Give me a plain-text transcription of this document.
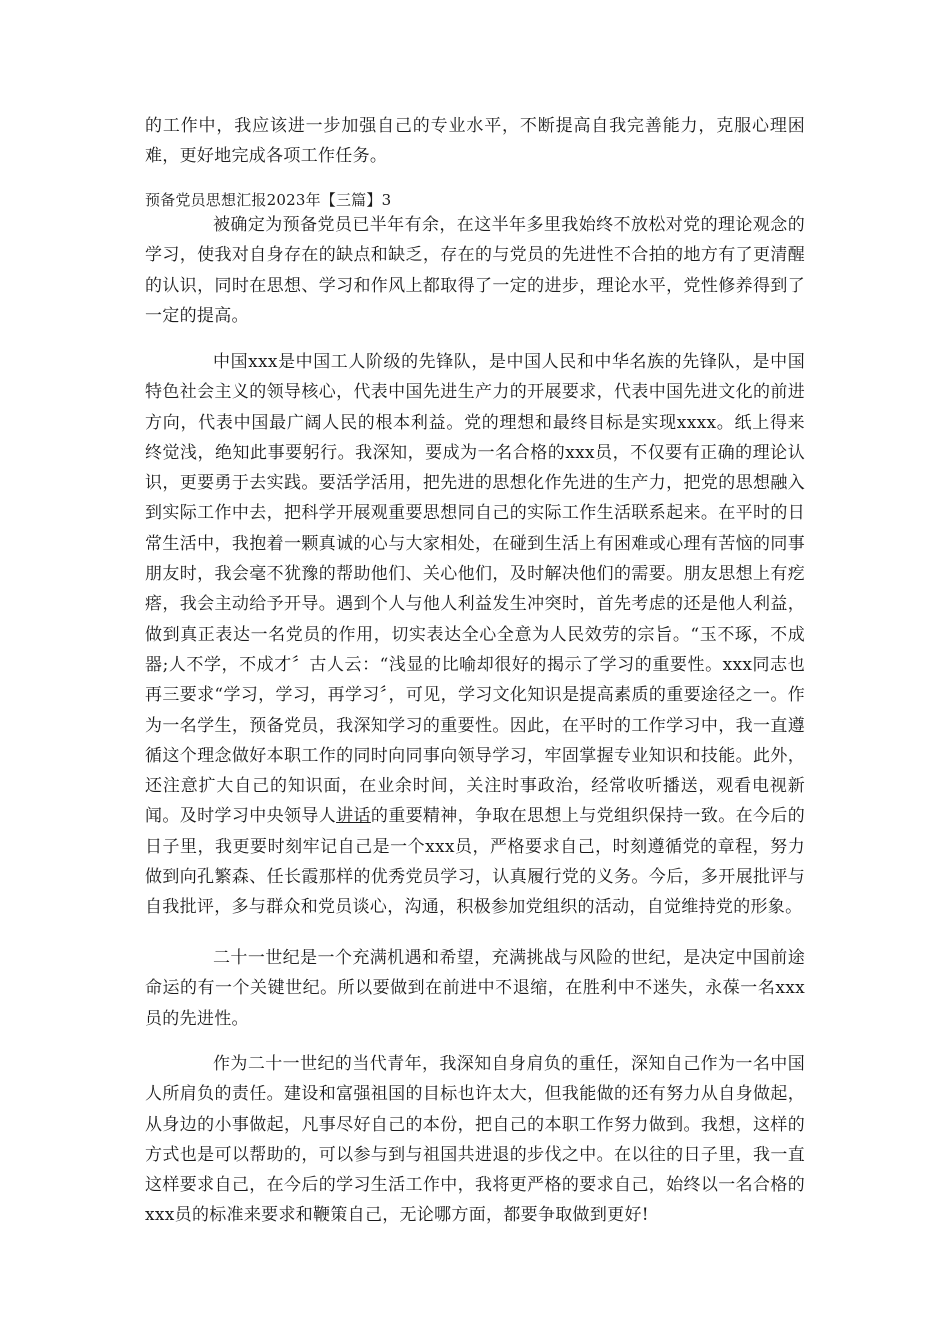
的工作中，我应该进一步加强自己的专业水平，不断提高自我完善能力，克服心理困难，更好地完成各项工作任务。

预备党员思想汇报2023年【三篇】3

被确定为预备党员已半年有余，在这半年多里我始终不放松对党的理论观念的学习，使我对自身存在的缺点和缺乏，存在的与党员的先进性不合拍的地方有了更清醒的认识，同时在思想、学习和作风上都取得了一定的进步，理论水平，党性修养得到了一定的提高。

中国xxx是中国工人阶级的先锋队，是中国人民和中华名族的先锋队，是中国特色社会主义的领导核心，代表中国先进生产力的开展要求，代表中国先进文化的前进方向，代表中国最广阔人民的根本利益。党的理想和最终目标是实现xxxx。纸上得来终觉浅，绝知此事要躬行。我深知，要成为一名合格的xxx员，不仅要有正确的理论认识，更要勇于去实践。要活学活用，把先进的思想化作先进的生产力，把党的思想融入到实际工作中去，把科学开展观重要思想同自己的实际工作生活联系起来。在平时的日常生活中，我抱着一颗真诚的心与大家相处，在碰到生活上有困难或心理有苦恼的同事朋友时，我会毫不犹豫的帮助他们、关心他们，及时解决他们的需要。朋友思想上有疙瘩，我会主动给予开导。遇到个人与他人利益发生冲突时，首先考虑的还是他人利益，做到真正表达一名党员的作用，切实表达全心全意为人民效劳的宗旨。“玉不琢，不成器;人不学，不成才〞古人云：“浅显的比喻却很好的揭示了学习的重要性。xxx同志也再三要求“学习，学习，再学习〞，可见，学习文化知识是提高素质的重要途径之一。作为一名学生，预备党员，我深知学习的重要性。因此，在平时的工作学习中，我一直遵循这个理念做好本职工作的同时向同事向领导学习，牢固掌握专业知识和技能。此外，还注意扩大自己的知识面，在业余时间，关注时事政治，经常收听播送，观看电视新闻。及时学习中央领导人讲话的重要精神，争取在思想上与党组织保持一致。在今后的日子里，我更要时刻牢记自己是一个xxx员，严格要求自己，时刻遵循党的章程，努力做到向孔繁森、任长霞那样的优秀党员学习，认真履行党的义务。今后，多开展批评与自我批评，多与群众和党员谈心，沟通，积极参加党组织的活动，自觉维持党的形象。

二十一世纪是一个充满机遇和希望，充满挑战与风险的世纪，是决定中国前途命运的有一个关键世纪。所以要做到在前进中不退缩，在胜利中不迷失，永葆一名xxx员的先进性。

作为二十一世纪的当代青年，我深知自身肩负的重任，深知自己作为一名中国人所肩负的责任。建设和富强祖国的目标也许太大，但我能做的还有努力从自身做起，从身边的小事做起，凡事尽好自己的本份，把自己的本职工作努力做到。我想，这样的方式也是可以帮助的，可以参与到与祖国共进退的步伐之中。在以往的日子里，我一直这样要求自己，在今后的学习生活工作中，我将更严格的要求自己，始终以一名合格的xxx员的标准来要求和鞭策自己，无论哪方面，都要争取做到更好!
